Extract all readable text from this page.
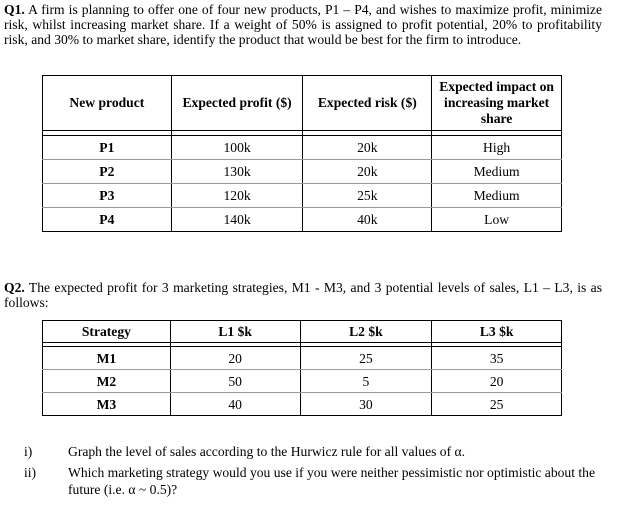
Q1. A firm is planning to offer one of four new products, P1 – P4, and wishes to maximize profit, minimize risk, whilst increasing market share. If a weight of 50% is assigned to profit potential, 20% to profitability risk, and 30% to market share, identify the product that would be best for the firm to introduce.
New product	Expected profit ($)	Expected risk ($)	Expected impact on increasing market share

P1	100k	20k	High
P2	130k	20k	Medium
P3	120k	25k	Medium
P4	140k	40k	Low
Q2. The expected profit for 3 marketing strategies, M1 - M3, and 3 potential levels of sales, L1 – L3, is as follows:
Strategy	L1 $k	L2 $k	L3 $k

M1	20	25	35
M2	50	5	20
M3	40	30	25
i)	Graph the level of sales according to the Hurwicz rule for all values of α.
ii) Which marketing strategy would you use if you were neither pessimistic nor optimistic about the future (i.e. α ~ 0.5)?
